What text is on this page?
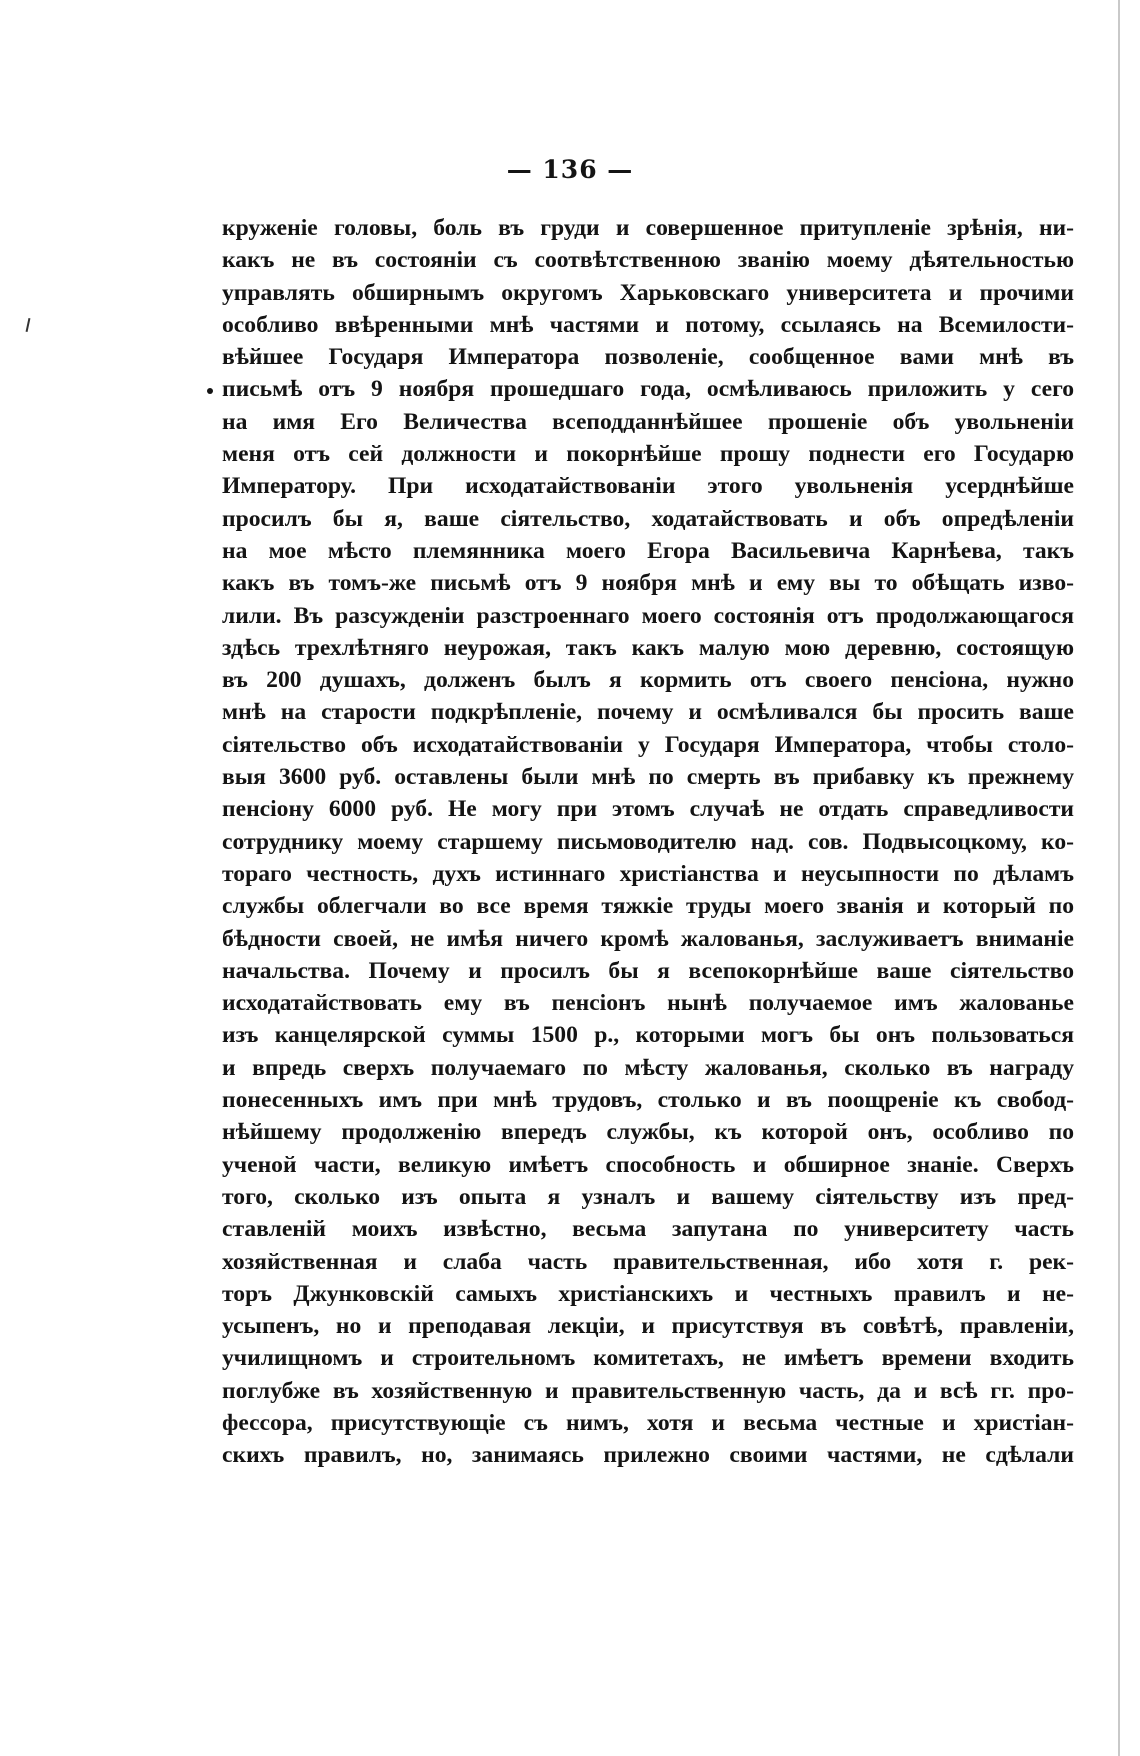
— 136 —
круженіе головы, боль въ груди и совершенное притупленіе зрѣнія, ни-
какъ не въ состояніи съ соотвѣтственною званію моему дѣятельностью
управлять обширнымъ округомъ Харьковскаго университета и прочими
особливо ввѣренными мнѣ частями и потому, ссылаясь на Всемилости-
вѣйшее Государя Императора позволеніе, сообщенное вами мнѣ въ
письмѣ отъ 9 ноября прошедшаго года, осмѣливаюсь приложить у сего
на имя Его Величества всеподданнѣйшее прошеніе объ увольненіи
меня отъ сей должности и покорнѣйше прошу поднести его Государю
Императору. При исходатайствованіи этого увольненія усерднѣйше
просилъ бы я, ваше сіятельство, ходатайствовать и объ опредѣленіи
на мое мѣсто племянника моего Егора Васильевича Карнѣева, такъ
какъ въ томъ-же письмѣ отъ 9 ноября мнѣ и ему вы то обѣщать изво-
лили. Въ разсужденіи разстроеннаго моего состоянія отъ продолжающагося
здѣсь трехлѣтняго неурожая, такъ какъ малую мою деревню, состоящую
въ 200 душахъ, долженъ былъ я кормить отъ своего пенсіона, нужно
мнѣ на старости подкрѣпленіе, почему и осмѣливался бы просить ваше
сіятельство объ исходатайствованіи у Государя Императора, чтобы столо-
выя 3600 руб. оставлены были мнѣ по смерть въ прибавку къ прежнему
пенсіону 6000 руб. Не могу при этомъ случаѣ не отдать справедливости
сотруднику моему старшему письмоводителю над. сов. Подвысоцкому, ко-
тораго честность, духъ истиннаго христіанства и неусыпности по дѣламъ
службы облегчали во все время тяжкіе труды моего званія и который по
бѣдности своей, не имѣя ничего кромѣ жалованья, заслуживаетъ вниманіе
начальства. Почему и просилъ бы я всепокорнѣйше ваше сіятельство
исходатайствовать ему въ пенсіонъ нынѣ получаемое имъ жалованье
изъ канцелярской суммы 1500 р., которыми могъ бы онъ пользоваться
и впредь сверхъ получаемаго по мѣсту жалованья, сколько въ награду
понесенныхъ имъ при мнѣ трудовъ, столько и въ поощреніе къ свобод-
нѣйшему продолженію впередъ службы, къ которой онъ, особливо по
ученой части, великую имѣетъ способность и обширное знаніе. Сверхъ
того, сколько изъ опыта я узналъ и вашему сіятельству изъ пред-
ставленій моихъ извѣстно, весьма запутана по университету часть
хозяйственная и слаба часть правительственная, ибо хотя г. рек-
торъ Джунковскій самыхъ христіанскихъ и честныхъ правилъ и не-
усыпенъ, но и преподавая лекціи, и присутствуя въ совѣтѣ, правленіи,
училищномъ и строительномъ комитетахъ, не имѣетъ времени входить
поглубже въ хозяйственную и правительственную часть, да и всѣ гг. про-
фессора, присутствующіе съ нимъ, хотя и весьма честные и христіан-
скихъ правилъ, но, занимаясь прилежно своими частями, не сдѣлали
